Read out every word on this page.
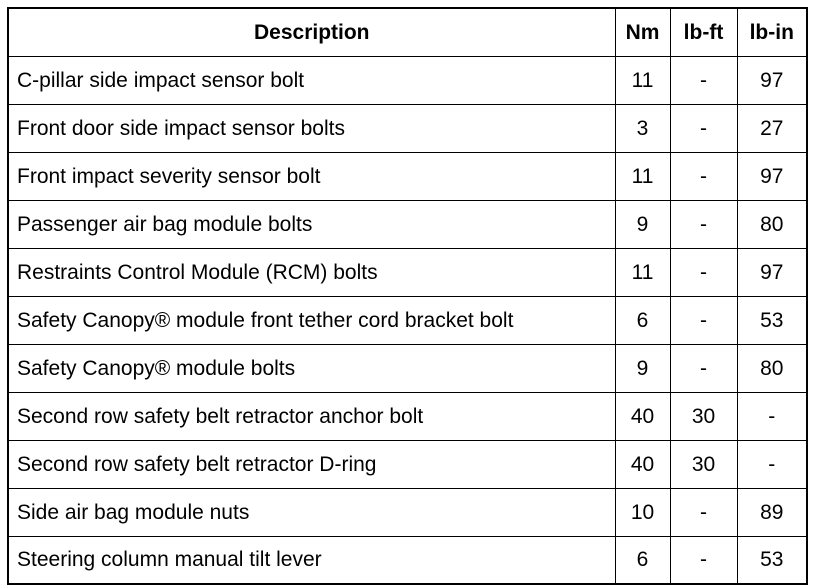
Description	Nm	lb-ft	lb-in
C-pillar side impact sensor bolt	11	-	97
Front door side impact sensor bolts	3	-	27
Front impact severity sensor bolt	11	-	97
Passenger air bag module bolts	9	-	80
Restraints Control Module (RCM) bolts	11	-	97
Safety Canopy® module front tether cord bracket bolt	6	-	53
Safety Canopy® module bolts	9	-	80
Second row safety belt retractor anchor bolt	40	30	-
Second row safety belt retractor D-ring	40	30	-
Side air bag module nuts	10	-	89
Steering column manual tilt lever	6	-	53
